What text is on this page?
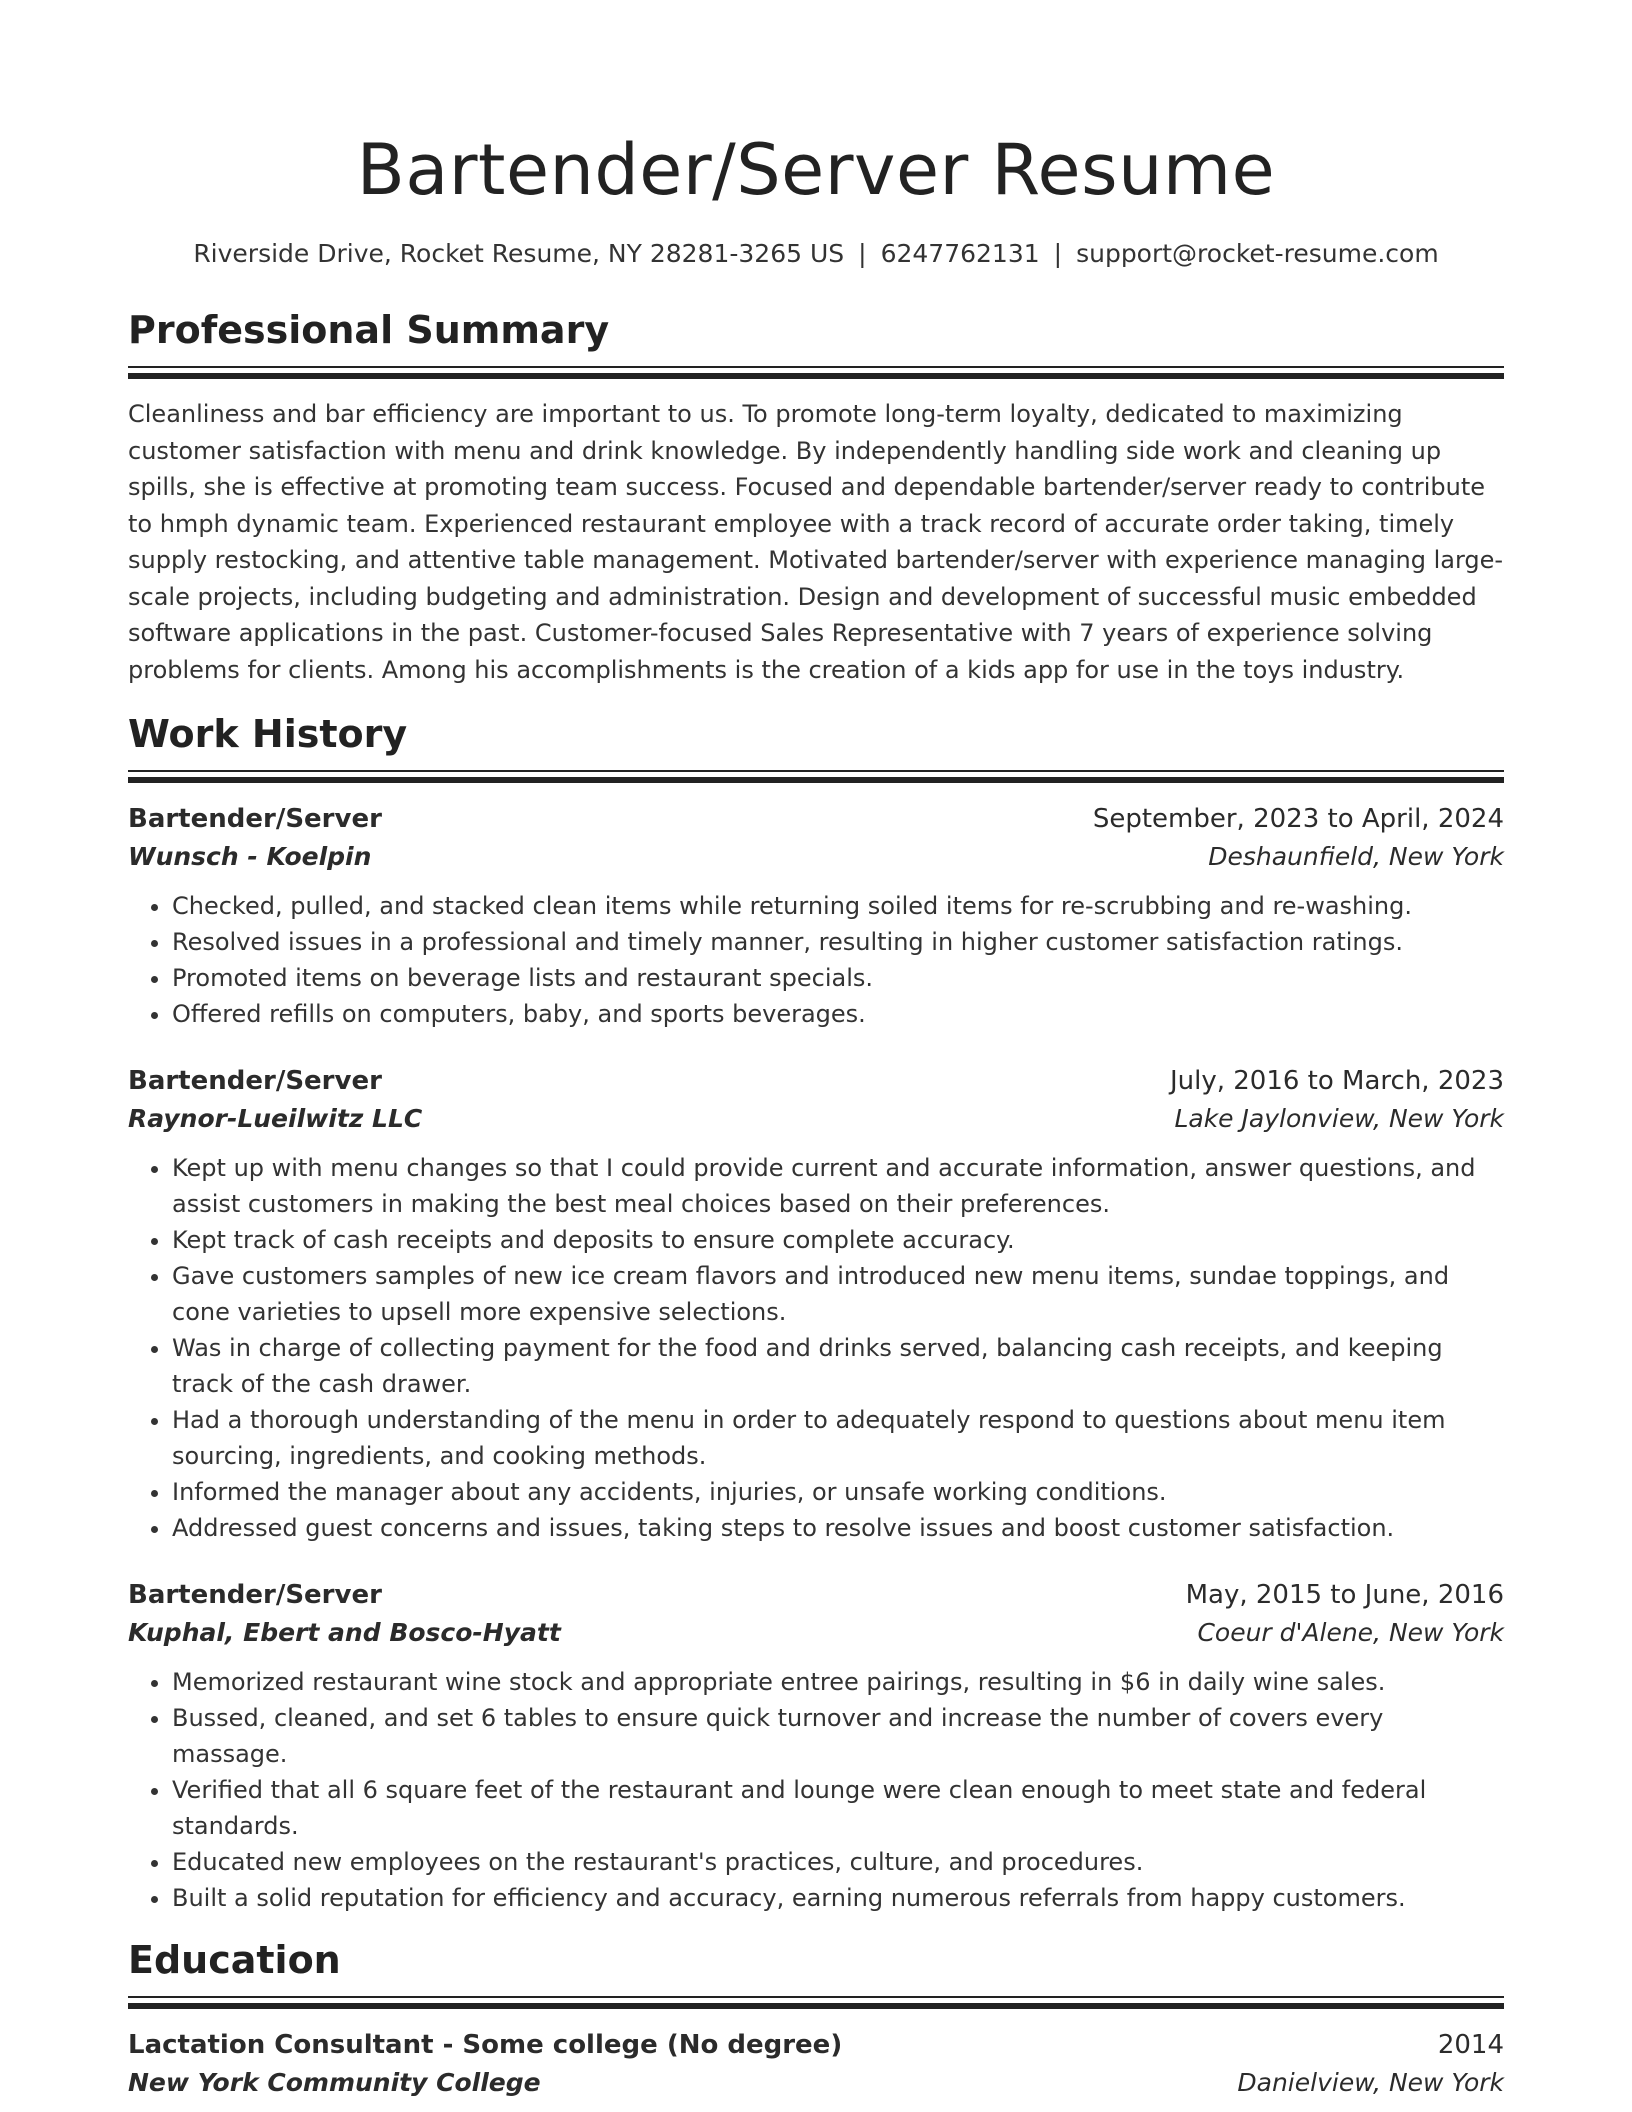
Bartender/Server Resume
Riverside Drive, Rocket Resume, NY 28281-3265 US | 6247762131 | support@rocket-resume.com
Professional Summary

Cleanliness and bar efficiency are important to us. To promote long-term loyalty, dedicated to maximizing customer satisfaction with menu and drink knowledge. By independently handling side work and cleaning up spills, she is effective at promoting team success. Focused and dependable bartender/server ready to contribute to hmph dynamic team. Experienced restaurant employee with a track record of accurate order taking, timely supply restocking, and attentive table management. Motivated bartender/server with experience managing large-scale projects, including budgeting and administration. Design and development of successful music embedded software applications in the past. Customer-focused Sales Representative with 7 years of experience solving problems for clients. Among his accomplishments is the creation of a kids app for use in the toys industry.

Work History
Bartender/Server	September, 2023 to April, 2024
Wunsch - Koelpin	Deshaunfield, New York
• Checked, pulled, and stacked clean items while returning soiled items for re-scrubbing and re-washing.
• Resolved issues in a professional and timely manner, resulting in higher customer satisfaction ratings.
• Promoted items on beverage lists and restaurant specials.
• Offered refills on computers, baby, and sports beverages.
Bartender/Server	July, 2016 to March, 2023
Raynor-Lueilwitz LLC	Lake Jaylonview, New York
• Kept up with menu changes so that I could provide current and accurate information, answer questions, and assist customers in making the best meal choices based on their preferences.
• Kept track of cash receipts and deposits to ensure complete accuracy.
• Gave customers samples of new ice cream flavors and introduced new menu items, sundae toppings, and cone varieties to upsell more expensive selections.
• Was in charge of collecting payment for the food and drinks served, balancing cash receipts, and keeping track of the cash drawer.
• Had a thorough understanding of the menu in order to adequately respond to questions about menu item sourcing, ingredients, and cooking methods.
• Informed the manager about any accidents, injuries, or unsafe working conditions.
• Addressed guest concerns and issues, taking steps to resolve issues and boost customer satisfaction.
Bartender/Server	May, 2015 to June, 2016
Kuphal, Ebert and Bosco-Hyatt	Coeur d'Alene, New York
• Memorized restaurant wine stock and appropriate entree pairings, resulting in $6 in daily wine sales.
• Bussed, cleaned, and set 6 tables to ensure quick turnover and increase the number of covers every massage.
• Verified that all 6 square feet of the restaurant and lounge were clean enough to meet state and federal standards.
• Educated new employees on the restaurant's practices, culture, and procedures.
• Built a solid reputation for efficiency and accuracy, earning numerous referrals from happy customers.
Education
Lactation Consultant - Some college (No degree)	2014
New York Community College	Danielview, New York
